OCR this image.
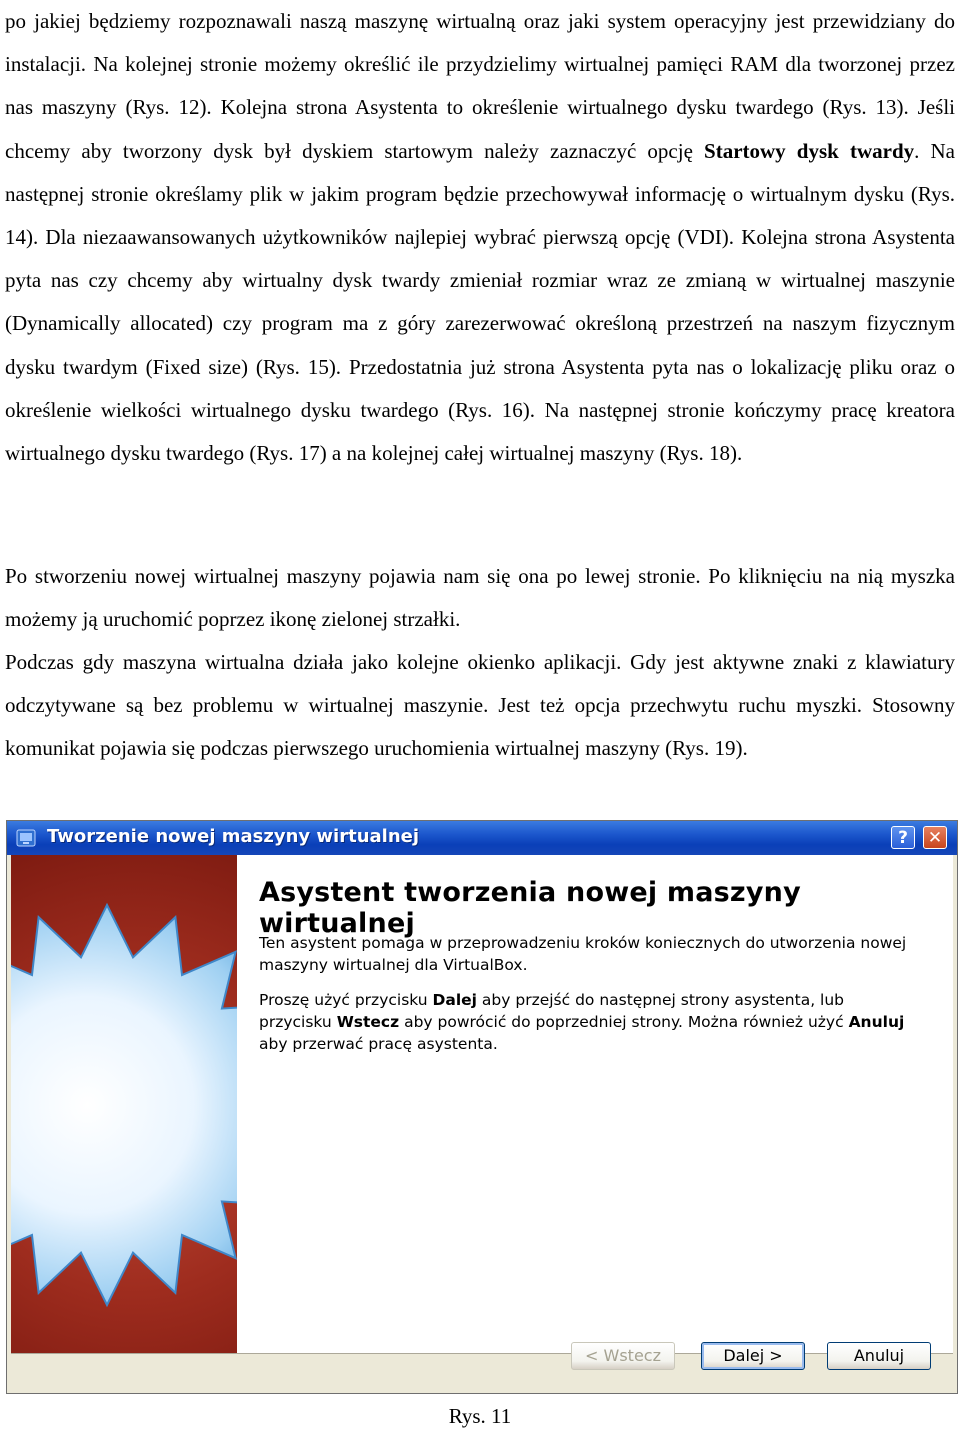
po jakiej będziemy rozpoznawali naszą maszynę wirtualną oraz jaki system operacyjny jest przewidziany do instalacji. Na kolejnej stronie możemy określić ile przydzielimy wirtualnej pamięci RAM dla tworzonej przez nas maszyny (Rys. 12). Kolejna strona Asystenta to określenie wirtualnego dysku twardego (Rys. 13). Jeśli chcemy aby tworzony dysk był dyskiem startowym należy zaznaczyć opcję Startowy dysk twardy. Na następnej stronie określamy plik w jakim program będzie przechowywał informację o wirtualnym dysku (Rys. 14). Dla niezaawansowanych użytkowników najlepiej wybrać pierwszą opcję (VDI). Kolejna strona Asystenta pyta nas czy chcemy aby wirtualny dysk twardy zmieniał rozmiar wraz ze zmianą w wirtualnej maszynie (Dynamically allocated) czy program ma z góry zarezerwować określoną przestrzeń na naszym fizycznym dysku twardym (Fixed size) (Rys. 15). Przedostatnia już strona Asystenta pyta nas o lokalizację pliku oraz o określenie wielkości wirtualnego dysku twardego (Rys. 16). Na następnej stronie kończymy pracę kreatora wirtualnego dysku twardego (Rys. 17) a na kolejnej całej wirtualnej maszyny (Rys. 18).
Po stworzeniu nowej wirtualnej maszyny pojawia nam się ona po lewej stronie. Po kliknięciu na nią myszka możemy ją uruchomić poprzez ikonę zielonej strzałki.
Podczas gdy maszyna wirtualna działa jako kolejne okienko aplikacji. Gdy jest aktywne znaki z klawiatury odczytywane są bez problemu w wirtualnej maszynie. Jest też opcja przechwytu ruchu myszki. Stosowny komunikat pojawia się podczas pierwszego uruchomienia wirtualnej maszyny (Rys. 19).
Tworzenie nowej maszyny wirtualnej	?	✕
Asystent tworzenia nowej maszyny wirtualnej
Ten asystent pomaga w przeprowadzeniu kroków koniecznych do utworzenia nowej maszyny wirtualnej dla VirtualBox.
Proszę użyć przycisku Dalej aby przejść do następnej strony asystenta, lub przycisku Wstecz aby powrócić do poprzedniej strony. Można również użyć Anuluj aby przerwać pracę asystenta.
< Wstecz	Dalej >	Anuluj
Rys. 11
